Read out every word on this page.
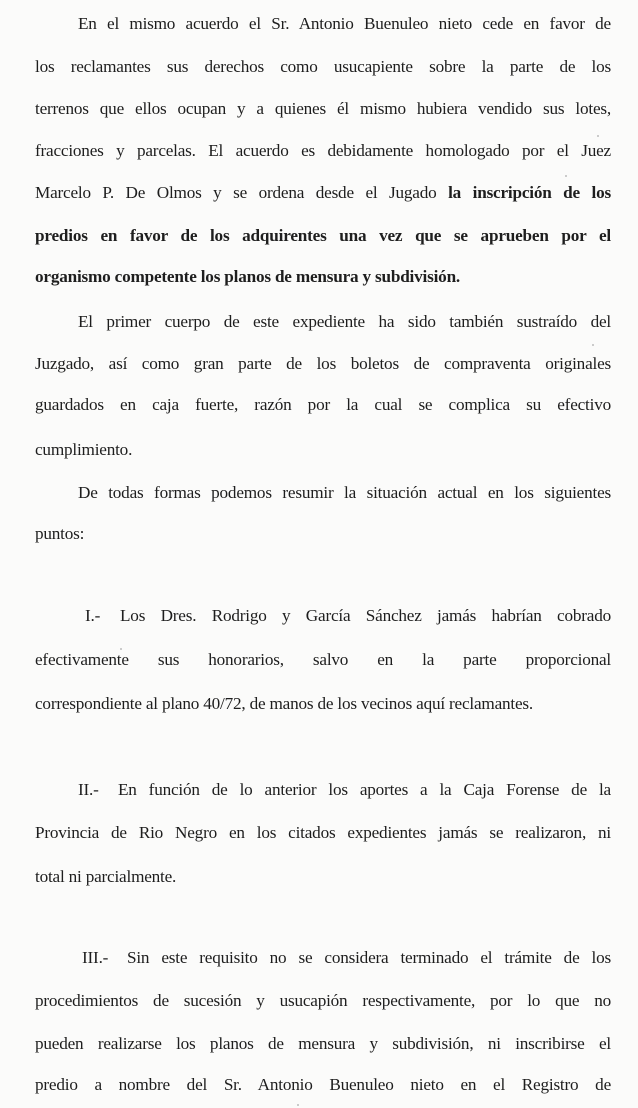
En el mismo acuerdo el Sr. Antonio Buenuleo nieto cede en favor de
los reclamantes sus derechos como usucapiente sobre la parte de los
terrenos que ellos ocupan y a quienes él mismo hubiera vendido sus lotes,
fracciones y parcelas. El acuerdo es debidamente homologado por el Juez
Marcelo P. De Olmos y se ordena desde el Jugado la inscripción de los
predios en favor de los adquirentes una vez que se aprueben por el
organismo competente los planos de mensura y subdivisión.
El primer cuerpo de este expediente ha sido también sustraído del
Juzgado, así como gran parte de los boletos de compraventa originales
guardados en caja fuerte, razón por la cual se complica su efectivo
cumplimiento.
De todas formas podemos resumir la situación actual en los siguientes
puntos:
I.- Los Dres. Rodrigo y García Sánchez jamás habrían cobrado
efectivamente sus honorarios, salvo en la parte proporcional
correspondiente al plano 40/72, de manos de los vecinos aquí reclamantes.
II.- En función de lo anterior los aportes a la Caja Forense de la
Provincia de Rio Negro en los citados expedientes jamás se realizaron, ni
total ni parcialmente.
III.- Sin este requisito no se considera terminado el trámite de los
procedimientos de sucesión y usucapión respectivamente, por lo que no
pueden realizarse los planos de mensura y subdivisión, ni inscribirse el
predio a nombre del Sr. Antonio Buenuleo nieto en el Registro de
